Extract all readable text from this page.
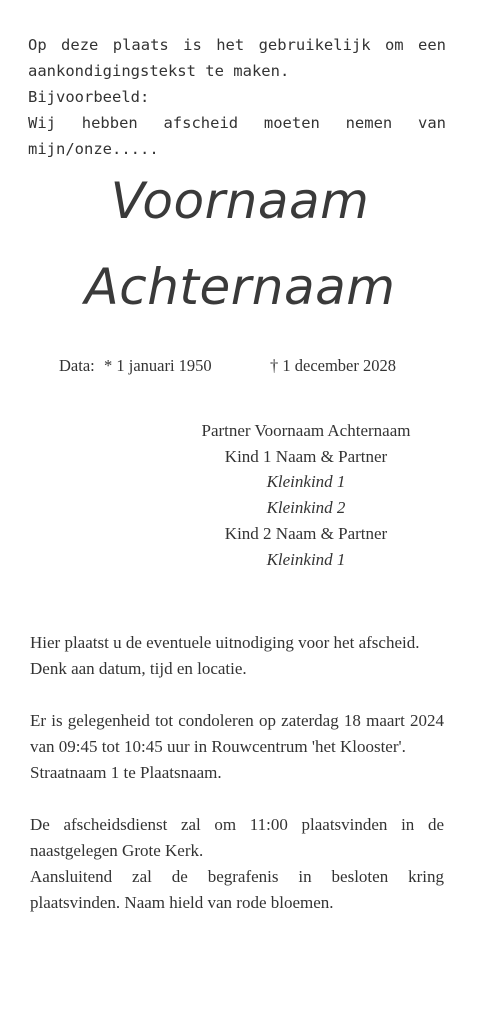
Op deze plaats is het gebruikelijk om een aankondigingstekst te maken.

Bijvoorbeeld:

Wij hebben afscheid moeten nemen van mijn/onze.....

Voornaam
Achternaam
Data: * 1 januari 1950	† 1 december 2028
Partner Voornaam Achternaam
Kind 1 Naam & Partner
Kleinkind 1
Kleinkind 2
Kind 2 Naam & Partner
Kleinkind 1

Hier plaatst u de eventuele uitnodiging voor het afscheid.

Denk aan datum, tijd en locatie.

Er is gelegenheid tot condoleren op zaterdag 18 maart 2024 van 09:45 tot 10:45 uur in Rouwcentrum 'het Klooster'.

Straatnaam 1 te Plaatsnaam.

De afscheidsdienst zal om 11:00 plaatsvinden in de naastgelegen Grote Kerk.

Aansluitend zal de begrafenis in besloten kring plaatsvinden. Naam hield van rode bloemen.
